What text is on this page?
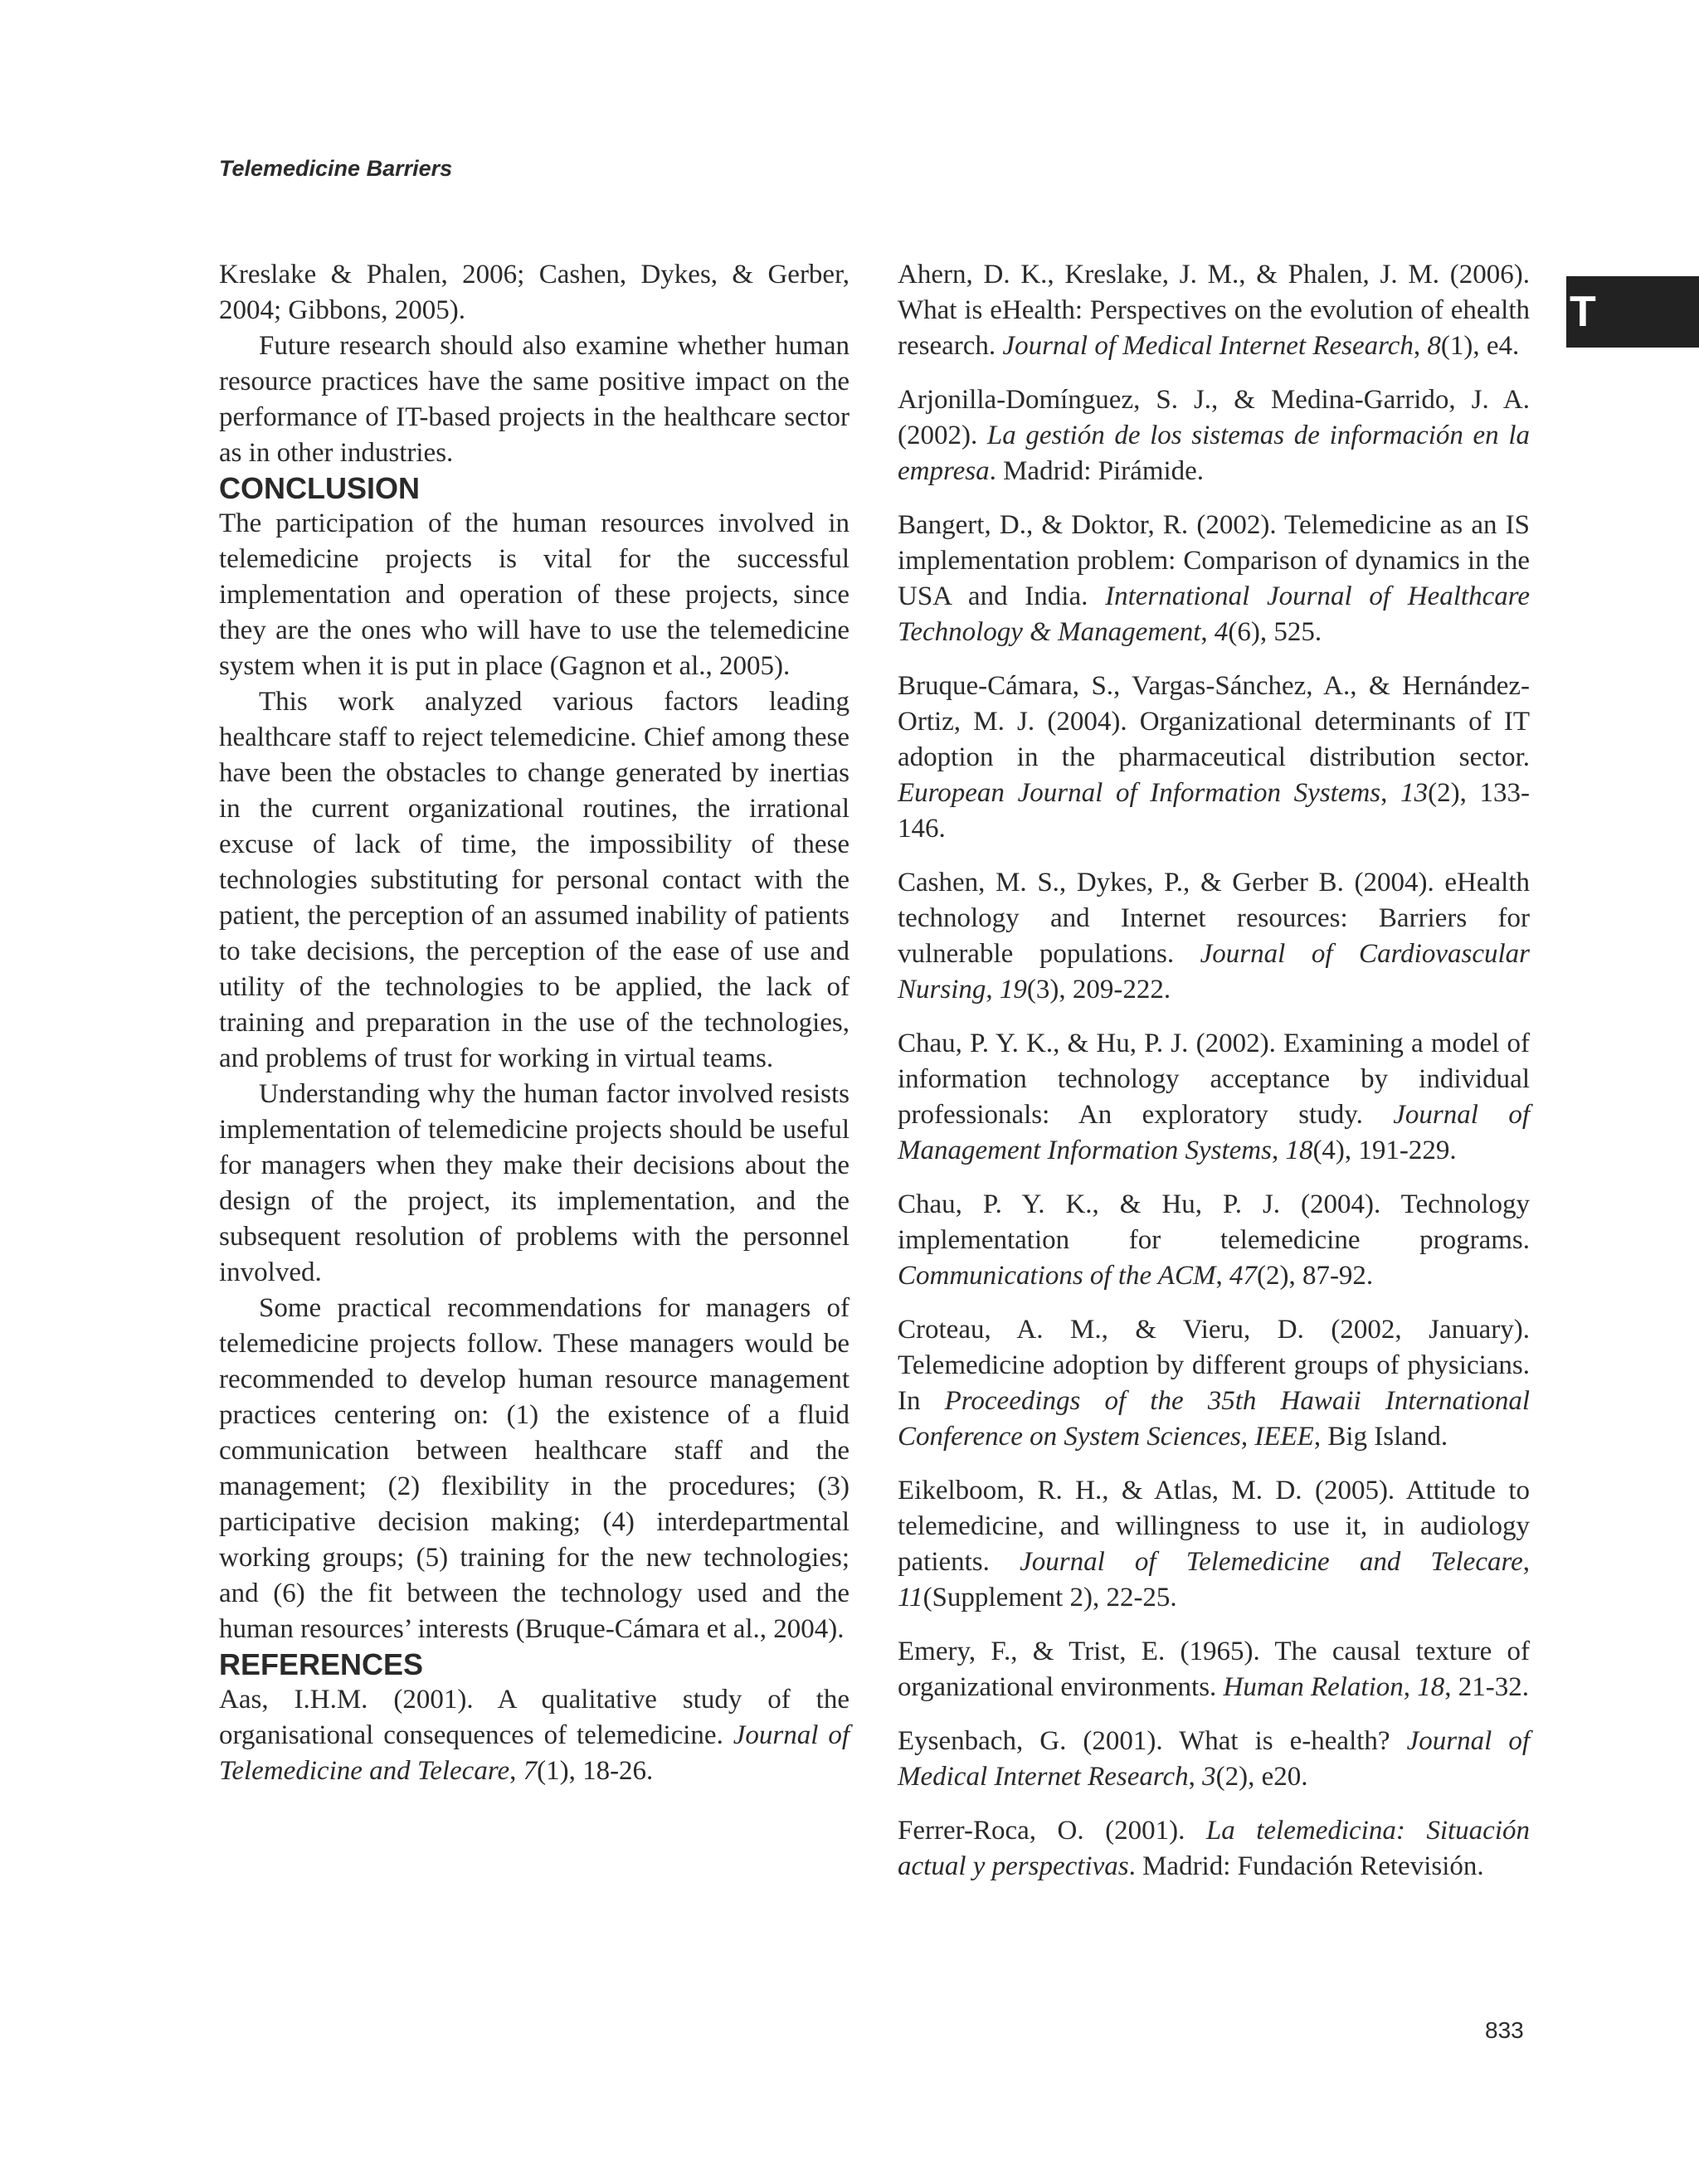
Telemedicine Barriers
T

Kreslake & Phalen, 2006; Cashen, Dykes, & Gerber, 2004; Gibbons, 2005).

Future research should also examine whether human resource practices have the same positive impact on the performance of IT-based projects in the healthcare sector as in other industries.

CONCLUSION

The participation of the human resources involved in telemedicine projects is vital for the successful implementation and operation of these projects, since they are the ones who will have to use the telemedicine system when it is put in place (Gagnon et al., 2005).

This work analyzed various factors leading healthcare staff to reject telemedicine. Chief among these have been the obstacles to change generated by inertias in the current organizational routines, the irrational excuse of lack of time, the impossibility of these technologies substituting for personal contact with the patient, the perception of an assumed inability of patients to take decisions, the perception of the ease of use and utility of the technologies to be applied, the lack of training and preparation in the use of the technologies, and problems of trust for working in virtual teams.

Understanding why the human factor involved resists implementation of telemedicine projects should be useful for managers when they make their decisions about the design of the project, its implementation, and the subsequent resolution of problems with the personnel involved.

Some practical recommendations for managers of telemedicine projects follow. These managers would be recommended to develop human resource management practices centering on: (1) the existence of a fluid communication between healthcare staff and the management; (2) flexibility in the procedures; (3) participative decision making; (4) interdepartmental working groups; (5) training for the new technologies; and (6) the fit between the technology used and the human resources’ interests (Bruque-Cámara et al., 2004).

REFERENCES

Aas, I.H.M. (2001). A qualitative study of the organisational consequences of telemedicine. Journal of Telemedicine and Telecare, 7(1), 18-26.

Ahern, D. K., Kreslake, J. M., & Phalen, J. M. (2006). What is eHealth: Perspectives on the evolution of ehealth research. Journal of Medical Internet Research, 8(1), e4.

Arjonilla-Domínguez, S. J., & Medina-Garrido, J. A. (2002). La gestión de los sistemas de información en la empresa. Madrid: Pirámide.

Bangert, D., & Doktor, R. (2002). Telemedicine as an IS implementation problem: Comparison of dynamics in the USA and India. International Journal of Healthcare Technology & Management, 4(6), 525.

Bruque-Cámara, S., Vargas-Sánchez, A., & Hernández-Ortiz, M. J. (2004). Organizational determinants of IT adoption in the pharmaceutical distribution sector. European Journal of Information Systems, 13(2), 133-146.

Cashen, M. S., Dykes, P., & Gerber B. (2004). eHealth technology and Internet resources: Barriers for vulnerable populations. Journal of Cardiovascular Nursing, 19(3), 209-222.

Chau, P. Y. K., & Hu, P. J. (2002). Examining a model of information technology acceptance by individual professionals: An exploratory study. Journal of Management Information Systems, 18(4), 191-229.

Chau, P. Y. K., & Hu, P. J. (2004). Technology implementation for telemedicine programs. Communications of the ACM, 47(2), 87-92.

Croteau, A. M., & Vieru, D. (2002, January). Telemedicine adoption by different groups of physicians. In Proceedings of the 35th Hawaii International Conference on System Sciences, IEEE, Big Island.

Eikelboom, R. H., & Atlas, M. D. (2005). Attitude to telemedicine, and willingness to use it, in audiology patients. Journal of Telemedicine and Telecare, 11(Supplement 2), 22-25.

Emery, F., & Trist, E. (1965). The causal texture of organizational environments. Human Relation, 18, 21-32.

Eysenbach, G. (2001). What is e-health? Journal of Medical Internet Research, 3(2), e20.

Ferrer-Roca, O. (2001). La telemedicina: Situación actual y perspectivas. Madrid: Fundación Retevisión.

833
